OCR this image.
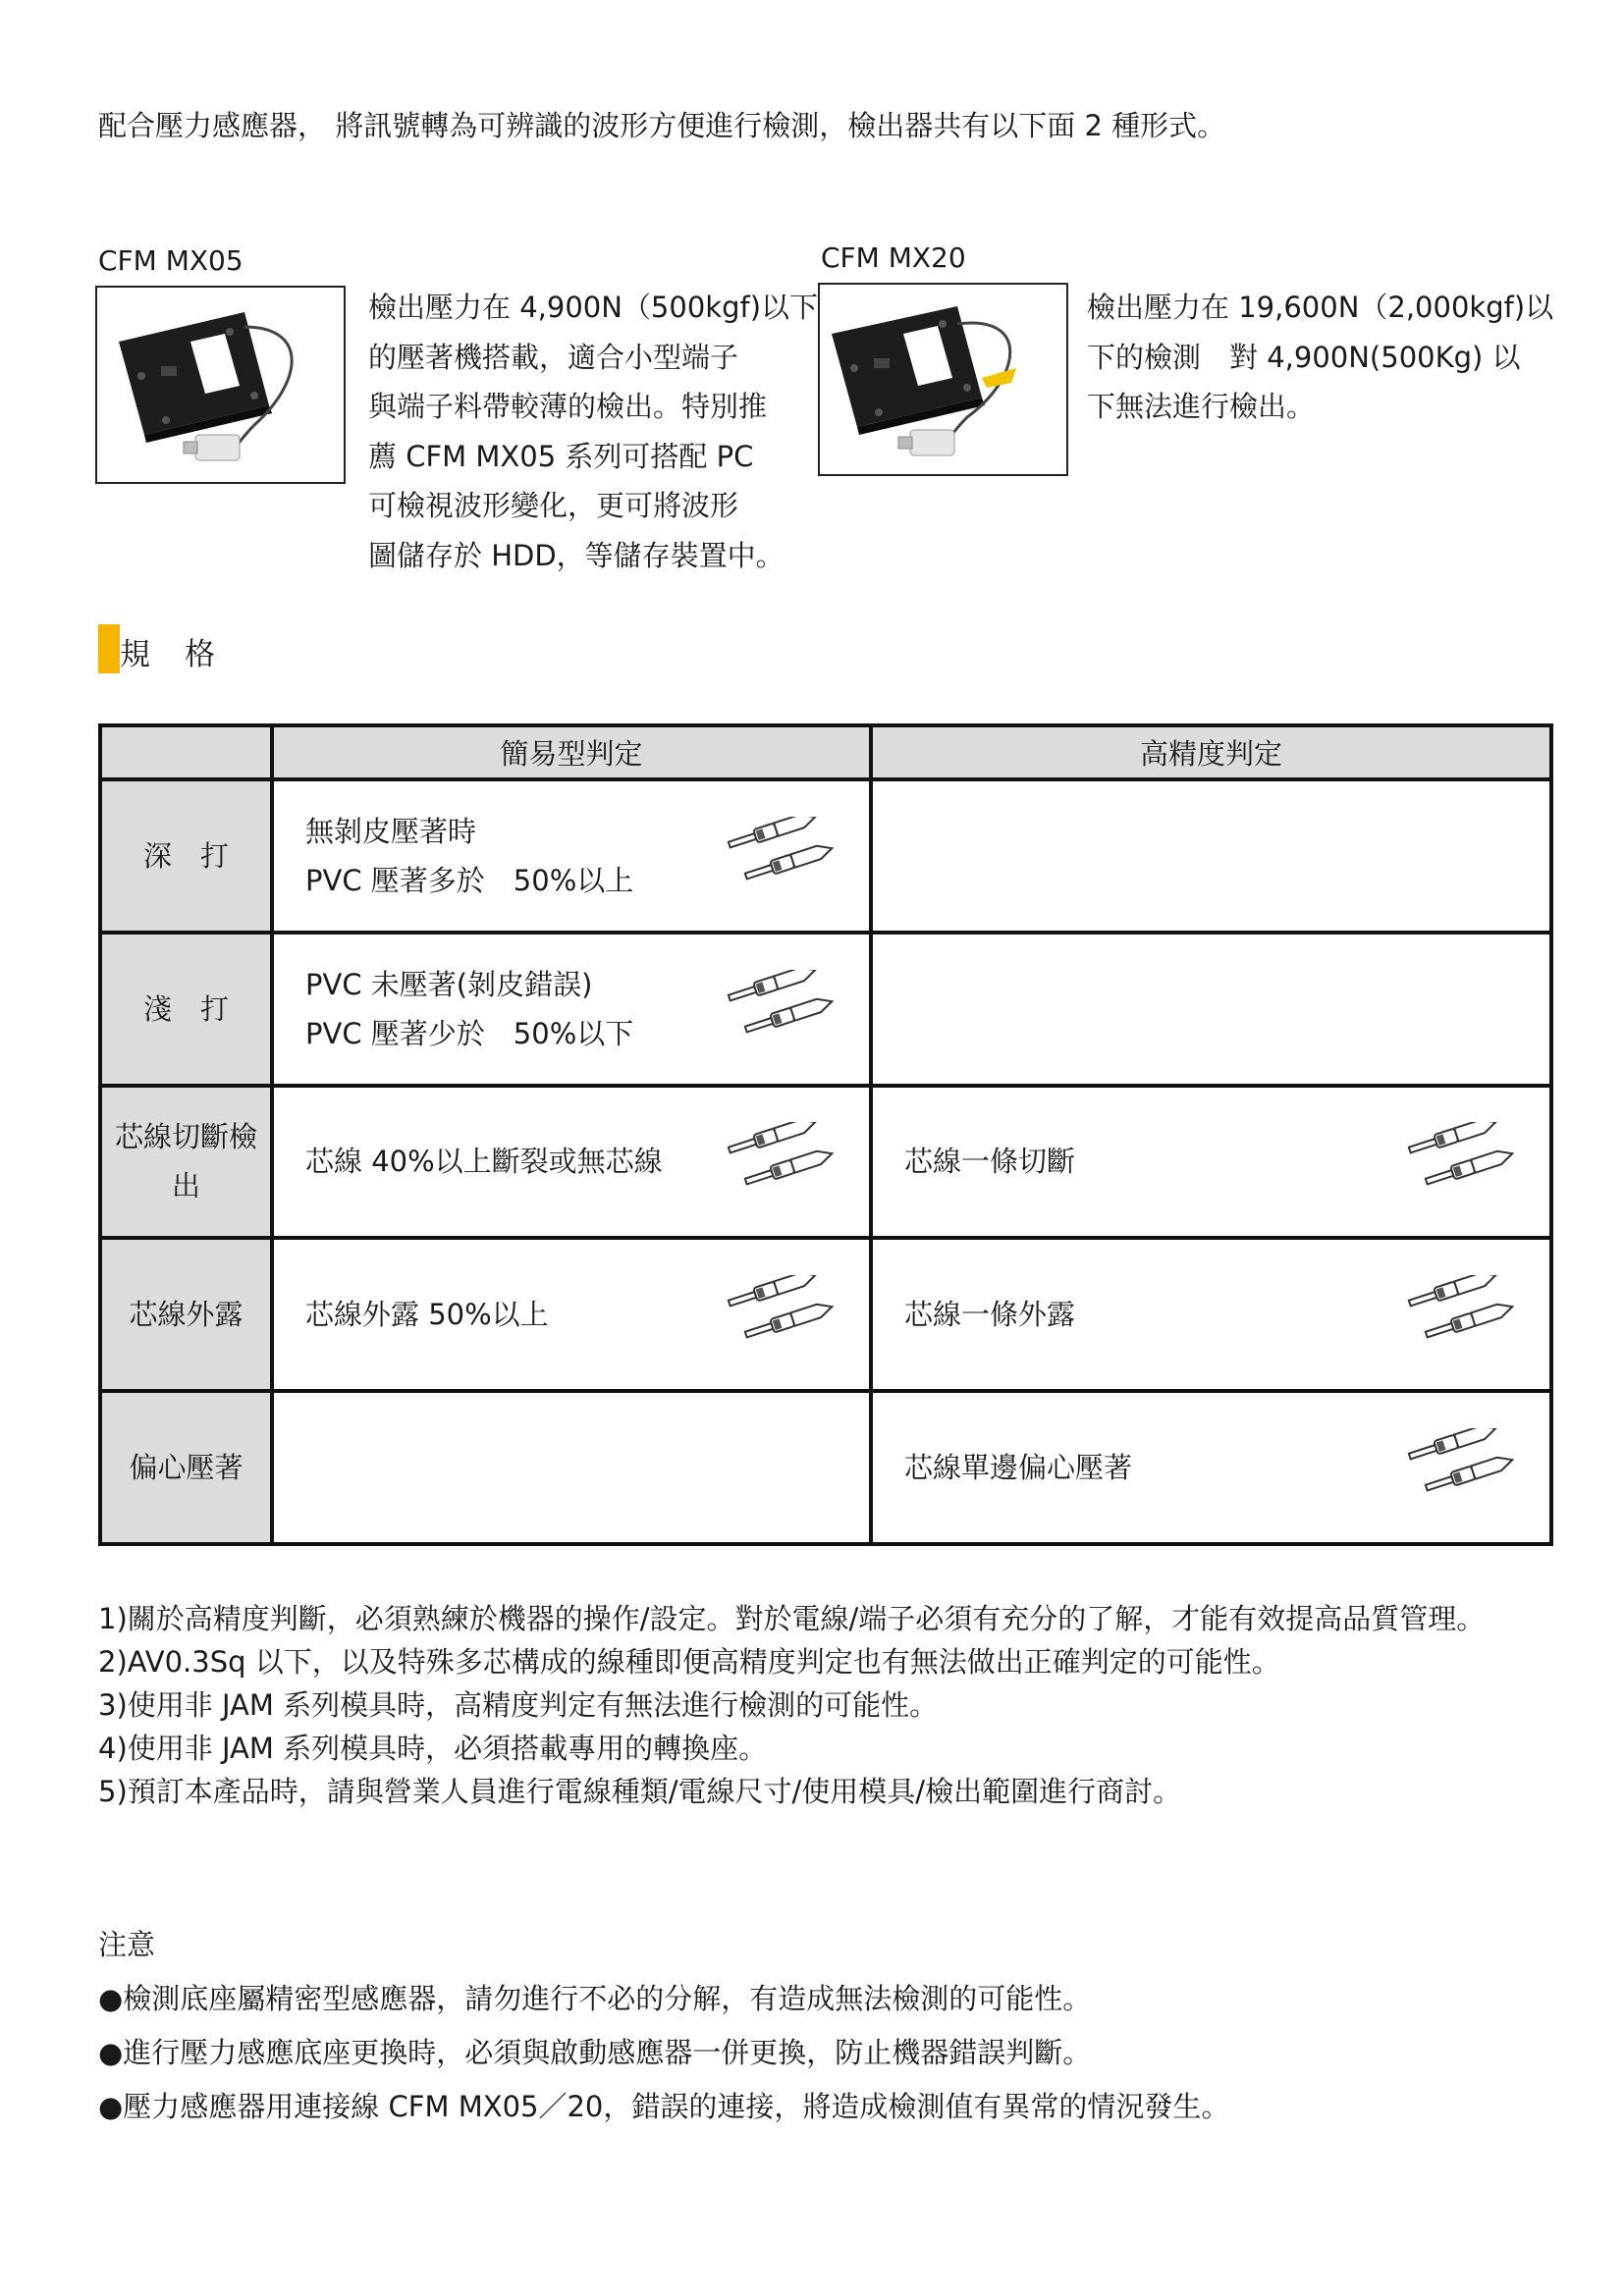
配合壓力感應器， 將訊號轉為可辨識的波形方便進行檢測，檢出器共有以下面 2 種形式。
CFM MX05
檢出壓力在 4,900N（500kgf)以下
的壓著機搭載，適合小型端子
與端子料帶較薄的檢出。特別推
薦 CFM MX05 系列可搭配 PC
可檢視波形變化，更可將波形
圖儲存於 HDD，等儲存裝置中。
CFM MX20
檢出壓力在 19,600N（2,000kgf)以
下的檢測　對 4,900N(500Kg) 以
下無法進行檢出。
規　格
	簡易型判定	高精度判定

深　打	無剝皮壓著時
PVC 壓著多於　50%以上	

淺　打	PVC 未壓著(剝皮錯誤)
PVC 壓著少於　50%以下	

芯線切斷檢
出	芯線 40%以上斷裂或無芯線	芯線一條切斷

芯線外露	芯線外露 50%以上	芯線一條外露

偏心壓著		芯線單邊偏心壓著

1)關於高精度判斷，必須熟練於機器的操作/設定。對於電線/端子必須有充分的了解，才能有效提高品質管理。

2)AV0.3Sq 以下，以及特殊多芯構成的線種即便高精度判定也有無法做出正確判定的可能性。

3)使用非 JAM 系列模具時，高精度判定有無法進行檢測的可能性。

4)使用非 JAM 系列模具時，必須搭載專用的轉換座。

5)預訂本產品時，請與營業人員進行電線種類/電線尺寸/使用模具/檢出範圍進行商討。

注意

●檢測底座屬精密型感應器，請勿進行不必的分解，有造成無法檢測的可能性。

●進行壓力感應底座更換時，必須與啟動感應器一併更換，防止機器錯誤判斷。

●壓力感應器用連接線 CFM MX05／20，錯誤的連接，將造成檢測值有異常的情況發生。
